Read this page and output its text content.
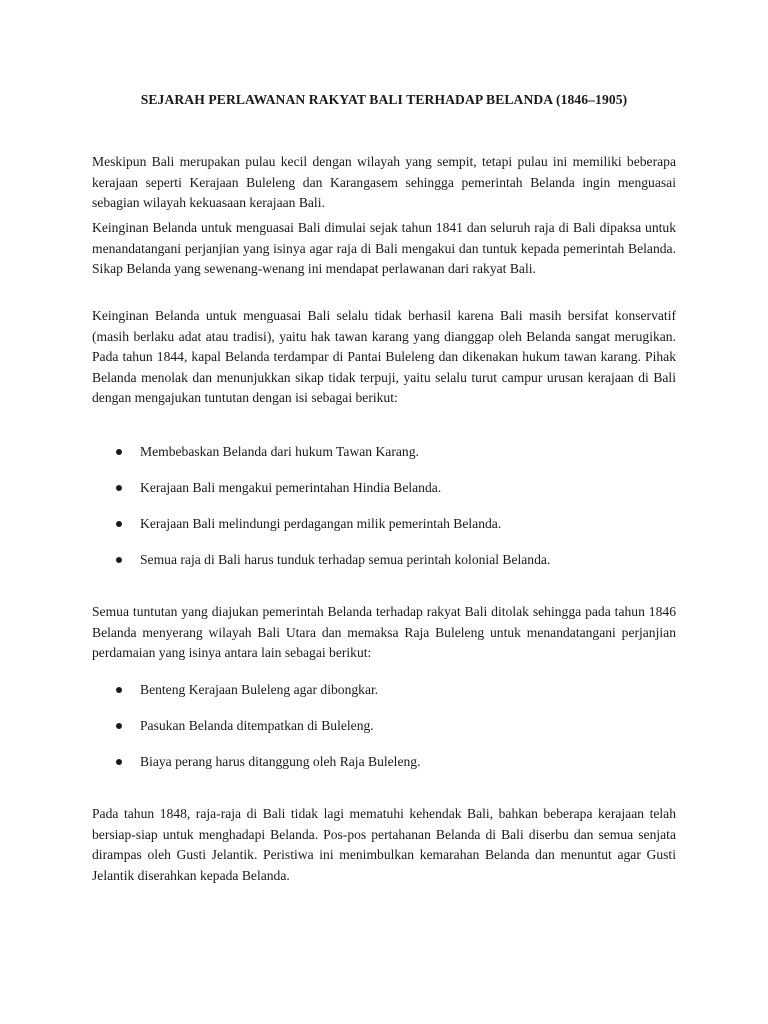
SEJARAH PERLAWANAN RAKYAT BALI TERHADAP BELANDA (1846–1905)

Meskipun Bali merupakan pulau kecil dengan wilayah yang sempit, tetapi pulau ini memiliki beberapa kerajaan seperti Kerajaan Buleleng dan Karangasem sehingga pemerintah Belanda ingin menguasai sebagian wilayah kekuasaan kerajaan Bali.

Keinginan Belanda untuk menguasai Bali dimulai sejak tahun 1841 dan seluruh raja di Bali dipaksa untuk menandatangani perjanjian yang isinya agar raja di Bali mengakui dan tuntuk kepada pemerintah Belanda. Sikap Belanda yang sewenang-wenang ini mendapat perlawanan dari rakyat Bali.

Keinginan Belanda untuk menguasai Bali selalu tidak berhasil karena Bali masih bersifat konservatif (masih berlaku adat atau tradisi), yaitu hak tawan karang yang dianggap oleh Belanda sangat merugikan. Pada tahun 1844, kapal Belanda terdampar di Pantai Buleleng dan dikenakan hukum tawan karang. Pihak Belanda menolak dan menunjukkan sikap tidak terpuji, yaitu selalu turut campur urusan kerajaan di Bali dengan mengajukan tuntutan dengan isi sebagai berikut:

Membebaskan Belanda dari hukum Tawan Karang.
Kerajaan Bali mengakui pemerintahan Hindia Belanda.
Kerajaan Bali melindungi perdagangan milik pemerintah Belanda.
Semua raja di Bali harus tunduk terhadap semua perintah kolonial Belanda.

Semua tuntutan yang diajukan pemerintah Belanda terhadap rakyat Bali ditolak sehingga pada tahun 1846 Belanda menyerang wilayah Bali Utara dan memaksa Raja Buleleng untuk menandatangani perjanjian perdamaian yang isinya antara lain sebagai berikut:

Benteng Kerajaan Buleleng agar dibongkar.
Pasukan Belanda ditempatkan di Buleleng.
Biaya perang harus ditanggung oleh Raja Buleleng.

Pada tahun 1848, raja-raja di Bali tidak lagi mematuhi kehendak Bali, bahkan beberapa kerajaan telah bersiap-siap untuk menghadapi Belanda. Pos-pos pertahanan Belanda di Bali diserbu dan semua senjata dirampas oleh Gusti Jelantik. Peristiwa ini menimbulkan kemarahan Belanda dan menuntut agar Gusti Jelantik diserahkan kepada Belanda.
